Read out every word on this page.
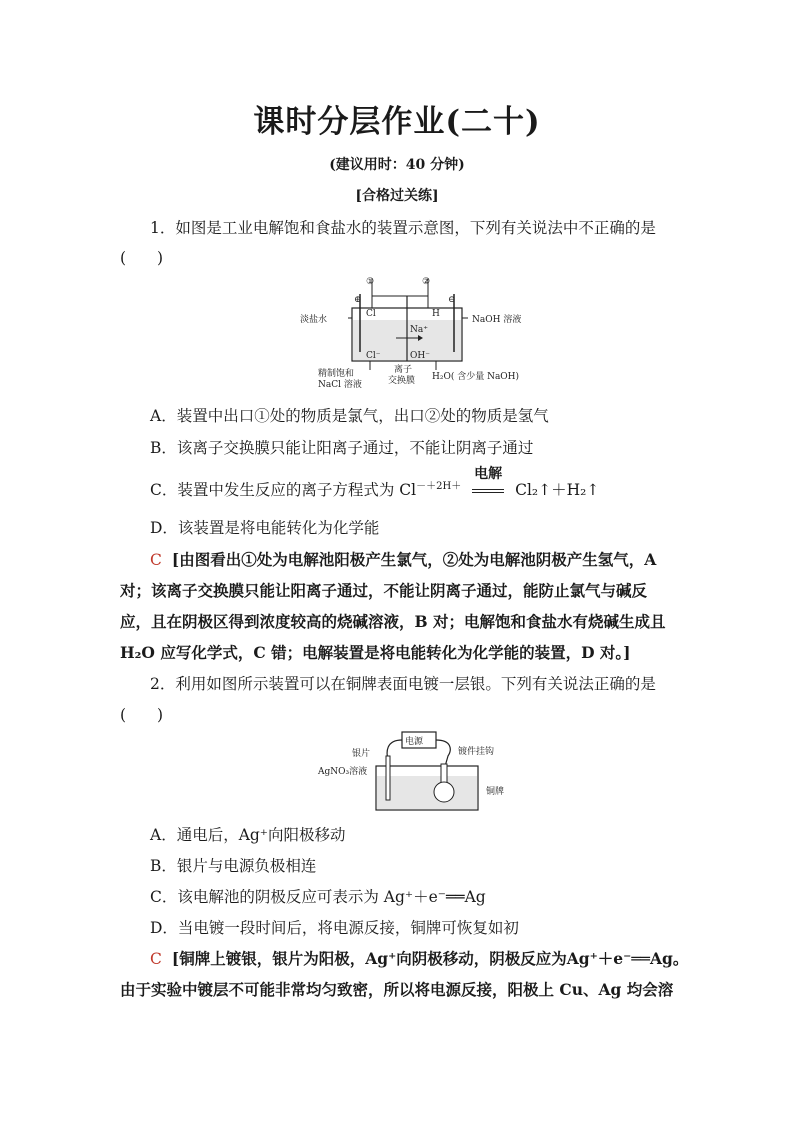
课时分层作业(二十)
(建议用时：40 分钟)
[合格过关练]
1．如图是工业电解饱和食盐水的装置示意图，下列有关说法中不正确的是
(　　)
①	②
⊕	⊖
Cl	H
淡盐水	NaOH 溶液
Na⁺
Cl⁻	OH⁻
精制饱和
NaCl 溶液
离子
交换膜 H₂O( 含少量 NaOH)
A．装置中出口①处的物质是氯气，出口②处的物质是氢气
B．该离子交换膜只能让阳离子通过，不能让阴离子通过
C．装置中发生反应的离子方程式为 $Cl^{-+2H+}$
电解
Cl₂↑＋H₂↑
D．该装置是将电能转化为化学能
C [由图看出①处为电解池阳极产生氯气，②处为电解池阴极产生氢气，A
对；该离子交换膜只能让阳离子通过，不能让阴离子通过，能防止氯气与碱反
应，且在阴极区得到浓度较高的烧碱溶液，B 对；电解饱和食盐水有烧碱生成且
H₂O 应写化学式，C 错；电解装置是将电能转化为化学能的装置，D 对。]
2．利用如图所示装置可以在铜牌表面电镀一层银。下列有关说法正确的是
(　　)
电源
银片	镀件挂钩
AgNO₃溶液
铜牌
A．通电后，Ag⁺向阳极移动
B．银片与电源负极相连
C．该电解池的阴极反应可表示为 Ag⁺＋e⁻══Ag
D．当电镀一段时间后，将电源反接，铜牌可恢复如初
C [铜牌上镀银，银片为阳极，Ag⁺向阴极移动，阴极反应为Ag⁺＋e⁻══Ag。
由于实验中镀层不可能非常均匀致密，所以将电源反接，阳极上 Cu、Ag 均会溶
